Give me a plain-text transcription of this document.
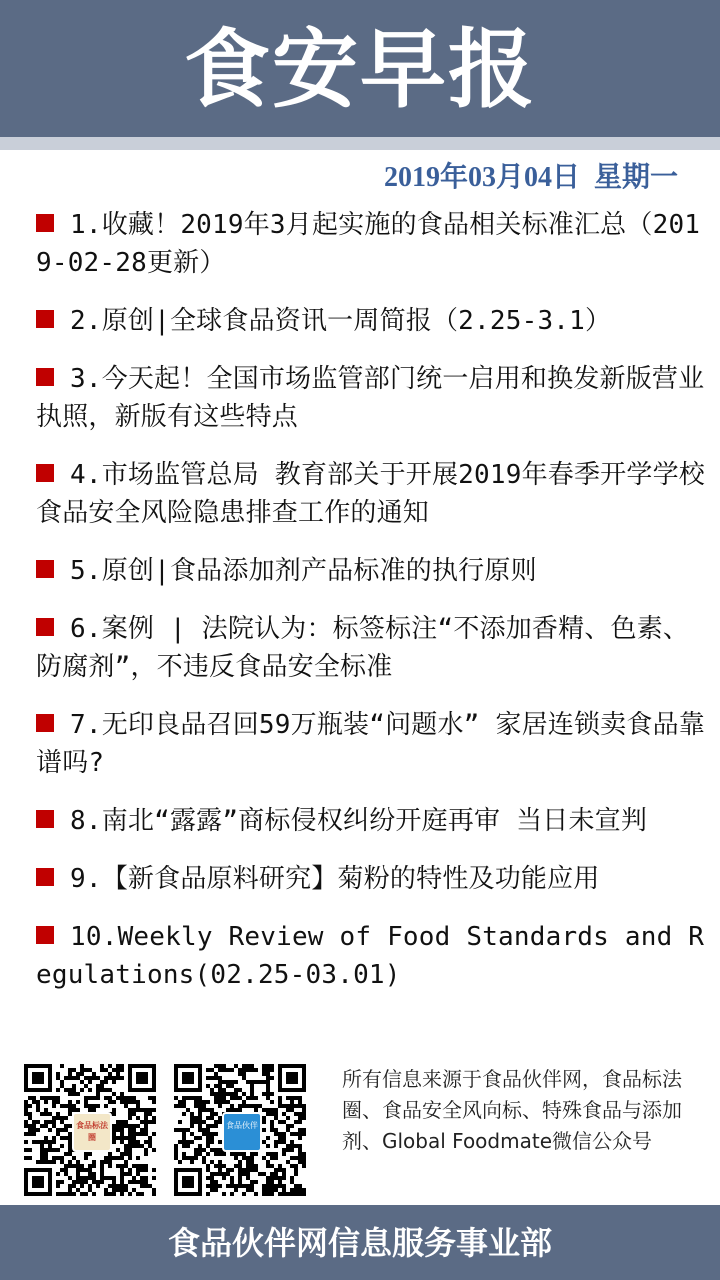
食安早报
2019年03月04日 星期一
1.收藏！2019年3月起实施的食品相关标准汇总（2019-02-28更新）
2.原创|全球食品资讯一周简报（2.25-3.1）
3.今天起！全国市场监管部门统一启用和换发新版营业执照，新版有这些特点
4.市场监管总局 教育部关于开展2019年春季开学学校食品安全风险隐患排查工作的通知
5.原创|食品添加剂产品标准的执行原则
6.案例 | 法院认为：标签标注“不添加香精、色素、防腐剂”，不违反食品安全标准
7.无印良品召回59万瓶装“问题水” 家居连锁卖食品靠谱吗?
8.南北“露露”商标侵权纠纷开庭再审 当日未宣判
9.【新食品原料研究】菊粉的特性及功能应用
10.Weekly Review of Food Standards and Regulations(02.25-03.01)
食品标法圈
食品伙伴

所有信息来源于食品伙伴网，食品标法圈、食品安全风向标、特殊食品与添加剂、Global Foodmate微信公众号

食品伙伴网信息服务事业部
